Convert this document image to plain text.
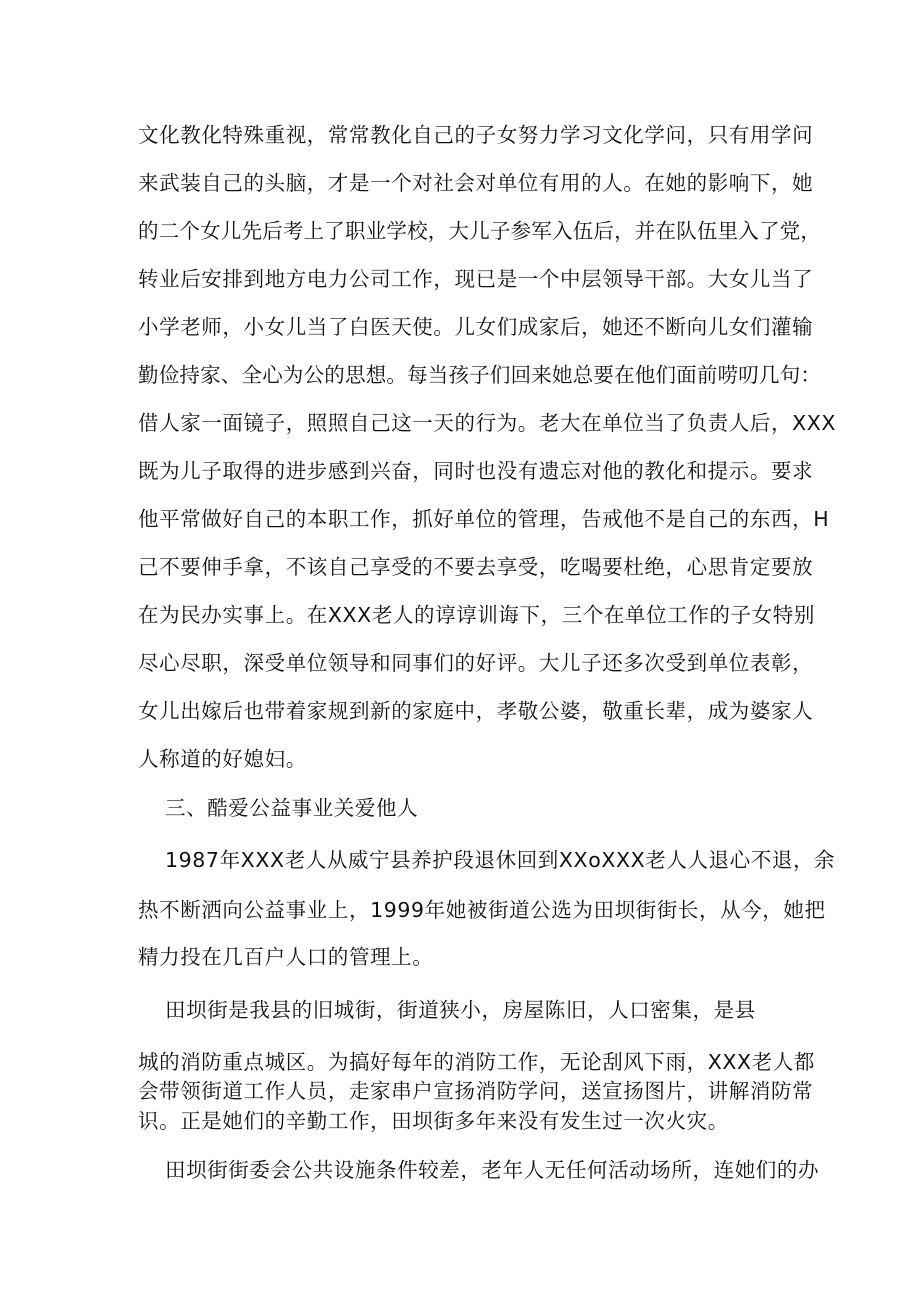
文化教化特殊重视，常常教化自己的子女努力学习文化学问，只有用学问
来武装自己的头脑，才是一个对社会对单位有用的人。在她的影响下，她
的二个女儿先后考上了职业学校，大儿子参军入伍后，并在队伍里入了党，
转业后安排到地方电力公司工作，现已是一个中层领导干部。大女儿当了
小学老师，小女儿当了白医天使。儿女们成家后，她还不断向儿女们灌输
勤俭持家、全心为公的思想。每当孩子们回来她总要在他们面前唠叨几句：
借人家一面镜子，照照自己这一天的行为。老大在单位当了负责人后，XXX
既为儿子取得的进步感到兴奋，同时也没有遗忘对他的教化和提示。要求
他平常做好自己的本职工作，抓好单位的管理，告戒他不是自己的东西，H
己不要伸手拿，不该自己享受的不要去享受，吃喝要杜绝，心思肯定要放
在为民办实事上。在XXX老人的谆谆训诲下，三个在单位工作的子女特别
尽心尽职，深受单位领导和同事们的好评。大儿子还多次受到单位表彰，
女儿出嫁后也带着家规到新的家庭中，孝敬公婆，敬重长辈，成为婆家人
人称道的好媳妇。
三、酷爱公益事业关爱他人
1987年XXX老人从威宁县养护段退休回到XXoXXX老人人退心不退，余
热不断洒向公益事业上，1999年她被街道公选为田坝街街长，从今，她把
精力投在几百户人口的管理上。
田坝街是我县的旧城街，街道狭小，房屋陈旧，人口密集，是县
城的消防重点城区。为搞好每年的消防工作，无论刮风下雨，XXX老人都
会带领街道工作人员，走家串户宣扬消防学问，送宣扬图片，讲解消防常
识。正是她们的辛勤工作，田坝街多年来没有发生过一次火灾。
田坝街街委会公共设施条件较差，老年人无任何活动场所，连她们的办
